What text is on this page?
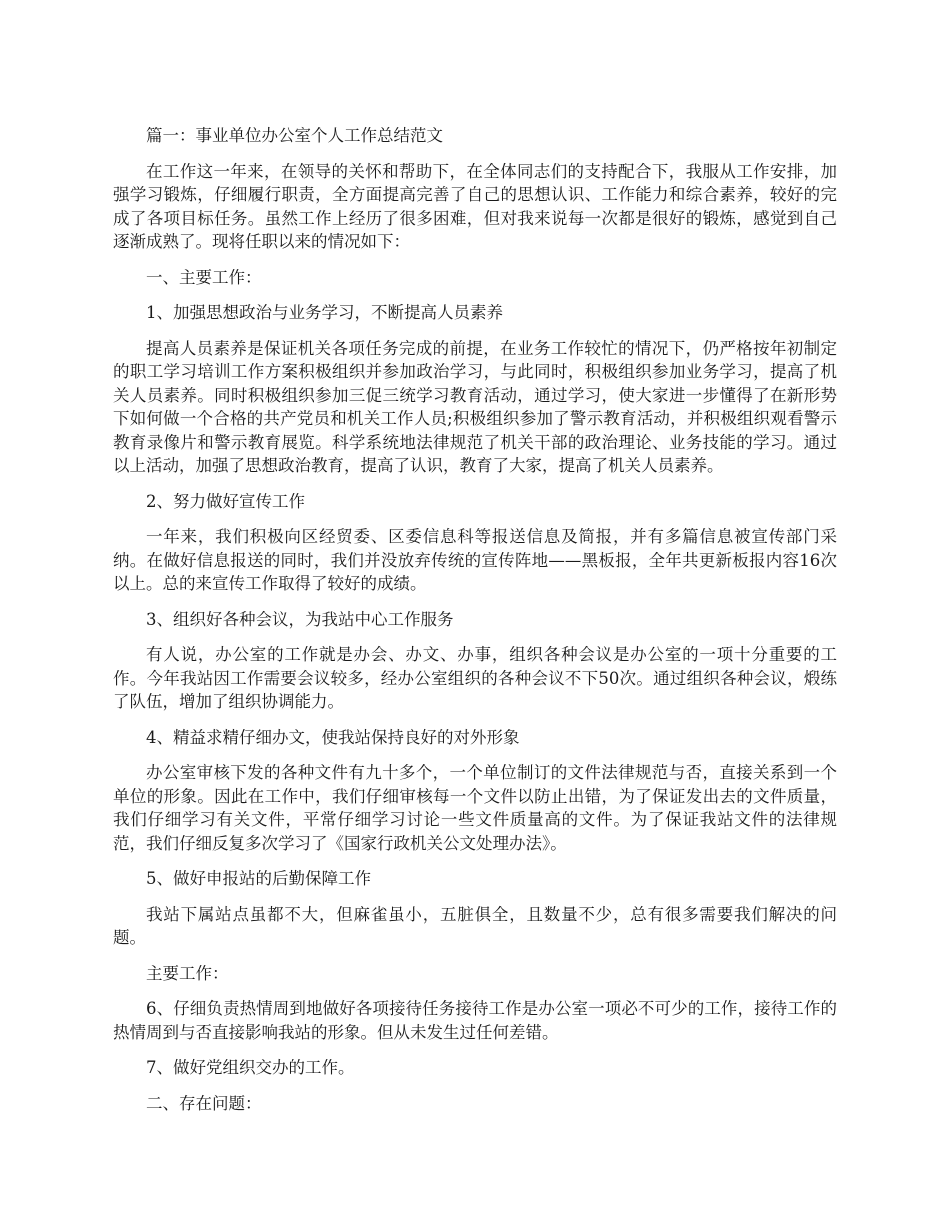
篇一：事业单位办公室个人工作总结范文

在工作这一年来，在领导的关怀和帮助下，在全体同志们的支持配合下，我服从工作安排，加强学习锻炼，仔细履行职责，全方面提高完善了自己的思想认识、工作能力和综合素养，较好的完成了各项目标任务。虽然工作上经历了很多困难，但对我来说每一次都是很好的锻炼，感觉到自己逐渐成熟了。现将任职以来的情况如下：

一、主要工作：

1、加强思想政治与业务学习，不断提高人员素养

提高人员素养是保证机关各项任务完成的前提，在业务工作较忙的情况下，仍严格按年初制定的职工学习培训工作方案积极组织并参加政治学习，与此同时，积极组织参加业务学习，提高了机关人员素养。同时积极组织参加三促三统学习教育活动，通过学习，使大家进一步懂得了在新形势下如何做一个合格的共产党员和机关工作人员;积极组织参加了警示教育活动，并积极组织观看警示教育录像片和警示教育展览。科学系统地法律规范了机关干部的政治理论、业务技能的学习。通过以上活动，加强了思想政治教育，提高了认识，教育了大家，提高了机关人员素养。

2、努力做好宣传工作

一年来，我们积极向区经贸委、区委信息科等报送信息及简报，并有多篇信息被宣传部门采纳。在做好信息报送的同时，我们并没放弃传统的宣传阵地——黑板报，全年共更新板报内容16次以上。总的来宣传工作取得了较好的成绩。

3、组织好各种会议，为我站中心工作服务

有人说，办公室的工作就是办会、办文、办事，组织各种会议是办公室的一项十分重要的工作。今年我站因工作需要会议较多，经办公室组织的各种会议不下50次。通过组织各种会议，煅练了队伍，增加了组织协调能力。

4、精益求精仔细办文，使我站保持良好的对外形象

办公室审核下发的各种文件有九十多个，一个单位制订的文件法律规范与否，直接关系到一个单位的形象。因此在工作中，我们仔细审核每一个文件以防止出错，为了保证发出去的文件质量，我们仔细学习有关文件，平常仔细学习讨论一些文件质量高的文件。为了保证我站文件的法律规范，我们仔细反复多次学习了《国家行政机关公文处理办法》。

5、做好申报站的后勤保障工作

我站下属站点虽都不大，但麻雀虽小，五脏俱全，且数量不少，总有很多需要我们解决的问题。

主要工作：

6、仔细负责热情周到地做好各项接待任务接待工作是办公室一项必不可少的工作，接待工作的热情周到与否直接影响我站的形象。但从未发生过任何差错。

7、做好党组织交办的工作。

二、存在问题：
